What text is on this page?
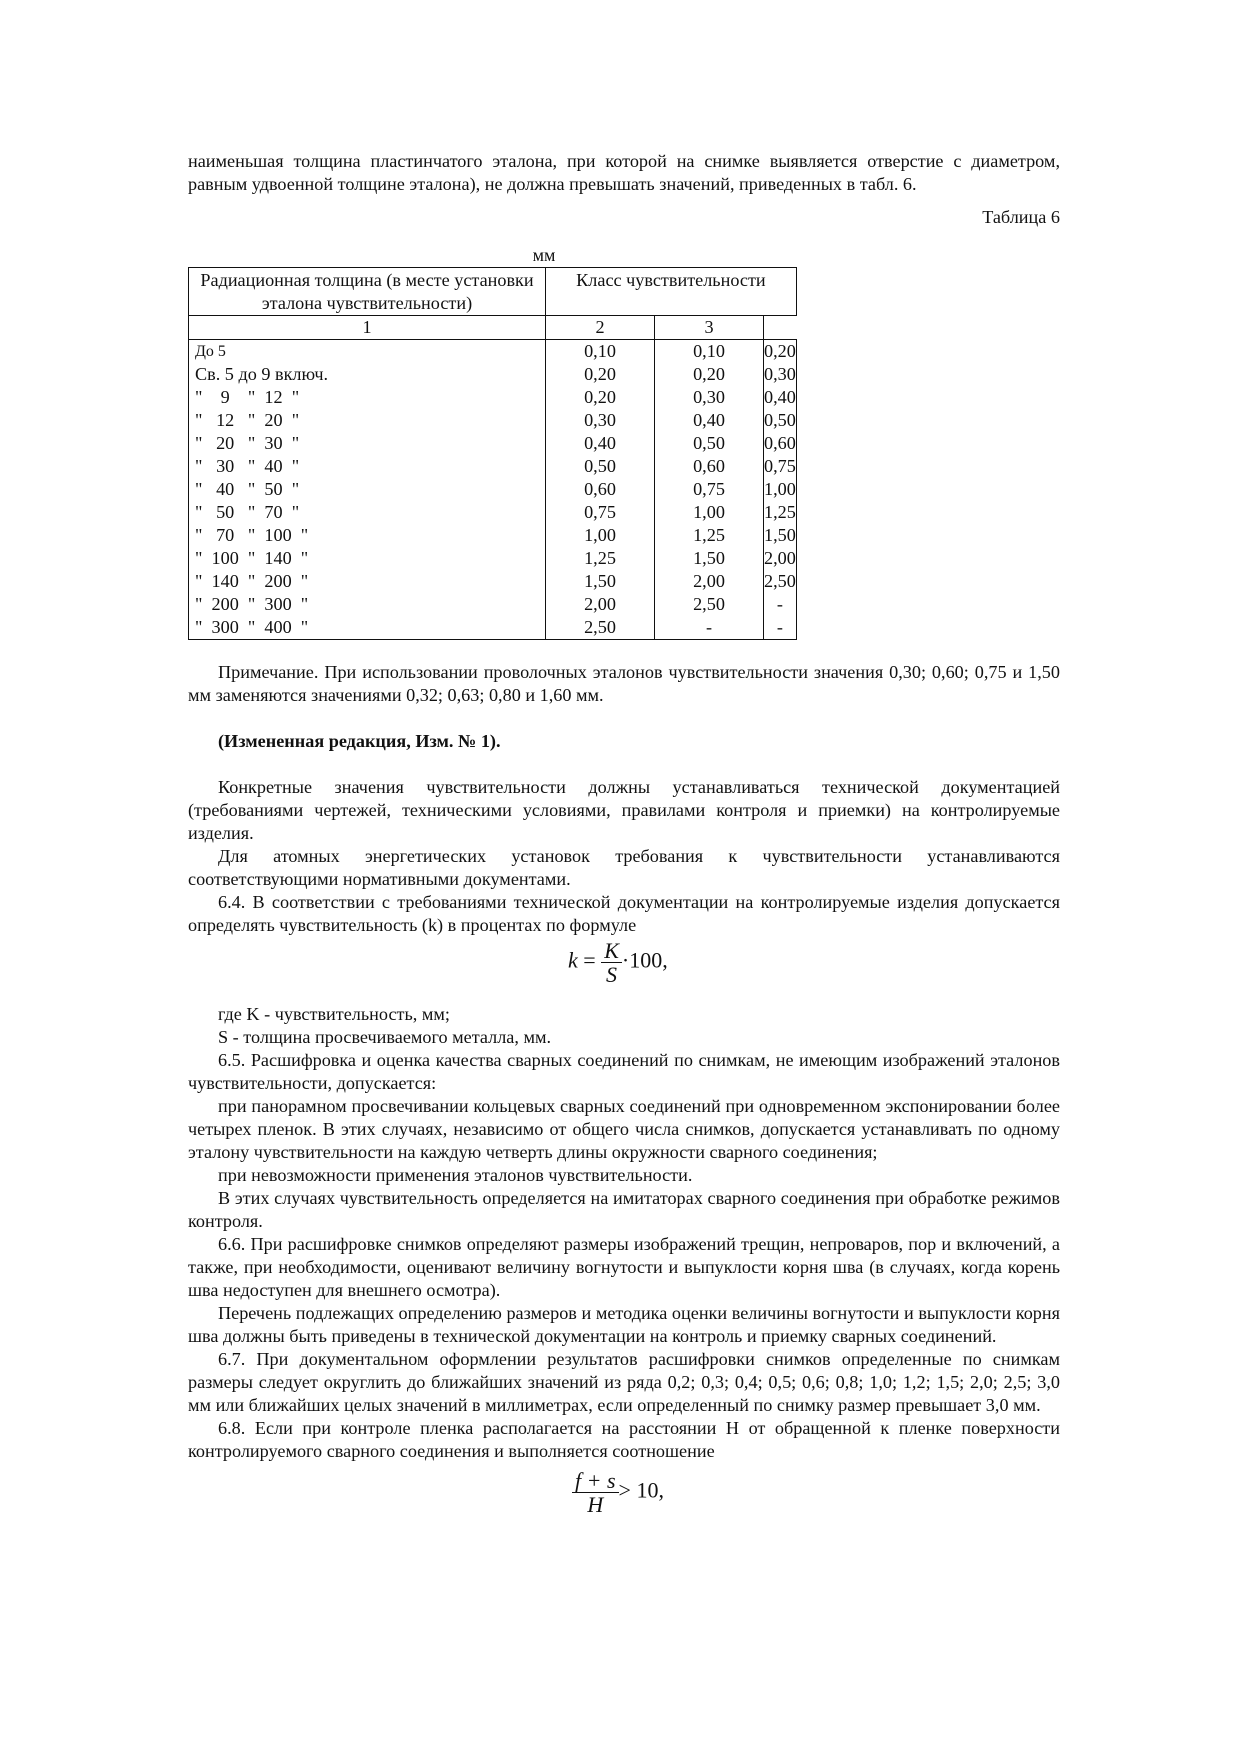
наименьшая толщина пластинчатого эталона, при которой на снимке выявляется отверстие с диаметром, равным удвоенной толщине эталона), не должна превышать значений, приведенных в табл. 6.

Таблица 6

мм
Радиационная толщина (в месте установки эталона чувствительности)	Класс чувствительности		
1	2	3	
До 5	0,10	0,10	0,20
Св. 5 до 9 включ.	0,20	0,20	0,30
"    9    "  12  "	0,20	0,30	0,40
"   12   "  20  "	0,30	0,40	0,50
"   20   "  30  "	0,40	0,50	0,60
"   30   "  40  "	0,50	0,60	0,75
"   40   "  50  "	0,60	0,75	1,00
"   50   "  70  "	0,75	1,00	1,25
"   70   "  100  "	1,00	1,25	1,50
"  100  "  140  "	1,25	1,50	2,00
"  140  "  200  "	1,50	2,00	2,50
"  200  "  300  "	2,00	2,50	-
"  300  "  400  "	2,50	-	-

Примечание. При использовании проволочных эталонов чувствительности значения 0,30; 0,60; 0,75 и 1,50 мм заменяются значениями 0,32; 0,63; 0,80 и 1,60 мм.

(Измененная редакция, Изм. № 1).

Конкретные значения чувствительности должны устанавливаться технической документацией (требованиями чертежей, техническими условиями, правилами контроля и приемки) на контролируемые изделия.

Для атомных энергетических установок требования к чувствительности устанавливаются соответствующими нормативными документами.

6.4. В соответствии с требованиями технической документации на контролируемые изделия допускается определять чувствительность (k) в процентах по формуле

$k = \frac{K}{S} \cdot 100$,

где K - чувствительность, мм;

S - толщина просвечиваемого металла, мм.

6.5. Расшифровка и оценка качества сварных соединений по снимкам, не имеющим изображений эталонов чувствительности, допускается:

при панорамном просвечивании кольцевых сварных соединений при одновременном экспонировании более четырех пленок. В этих случаях, независимо от общего числа снимков, допускается устанавливать по одному эталону чувствительности на каждую четверть длины окружности сварного соединения;

при невозможности применения эталонов чувствительности.

В этих случаях чувствительность определяется на имитаторах сварного соединения при обработке режимов контроля.

6.6. При расшифровке снимков определяют размеры изображений трещин, непроваров, пор и включений, а также, при необходимости, оценивают величину вогнутости и выпуклости корня шва (в случаях, когда корень шва недоступен для внешнего осмотра).

Перечень подлежащих определению размеров и методика оценки величины вогнутости и выпуклости корня шва должны быть приведены в технической документации на контроль и приемку сварных соединений.

6.7. При документальном оформлении результатов расшифровки снимков определенные по снимкам размеры следует округлить до ближайших значений из ряда 0,2; 0,3; 0,4; 0,5; 0,6; 0,8; 1,0; 1,2; 1,5; 2,0; 2,5; 3,0 мм или ближайших целых значений в миллиметрах, если определенный по снимку размер превышает 3,0 мм.

6.8. Если при контроле пленка располагается на расстоянии H от обращенной к пленке поверхности контролируемого сварного соединения и выполняется соотношение

$\frac{f + s}{H} > 10$,
